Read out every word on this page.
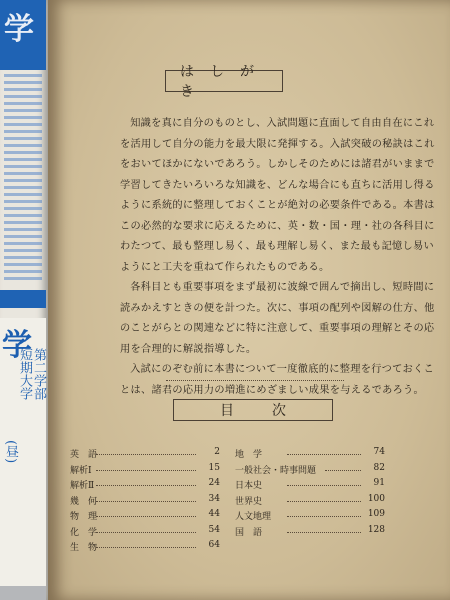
学
学
第二学部
短期大学
(昼)
はしがき

知識を真に自分のものとし、入試問題に直面して自由自在にこれを活用して自分の能力を最大限に発揮する。入試突破の秘訣はこれをおいてほかにないであろう。しかしそのためには諸君がいままで学習してきたいろいろな知識を、どんな場合にも直ちに活用し得るように系統的に整理しておくことが絶対の必要条件である。本書はこの必然的な要求に応えるために、英・数・国・理・社の各科目にわたつて、最も整理し易く、最も理解し易く、また最も記憶し易いようにと工夫を重ねて作られたものである。

各科目とも重要事項をまず最初に波線で囲んで摘出し、短時間に読みかえすときの便を計つた。次に、事項の配列や図解の仕方、他のことがらとの関連などに特に注意して、重要事項の理解とその応用を合理的に解説指導した。

入試にのぞむ前に本書について一度徹底的に整理を行つておくことは、諸君の応用力の増進にめざましい成果を与えるであろう。

目次
英　語	2
解析Ⅰ	15
解析Ⅱ	24
幾　何	34
物　理	44
化　学	54
生　物	64
地　学	74
一般社会・時事問題	82
日本史	91
世界史	100
人文地理	109
国　語	128
